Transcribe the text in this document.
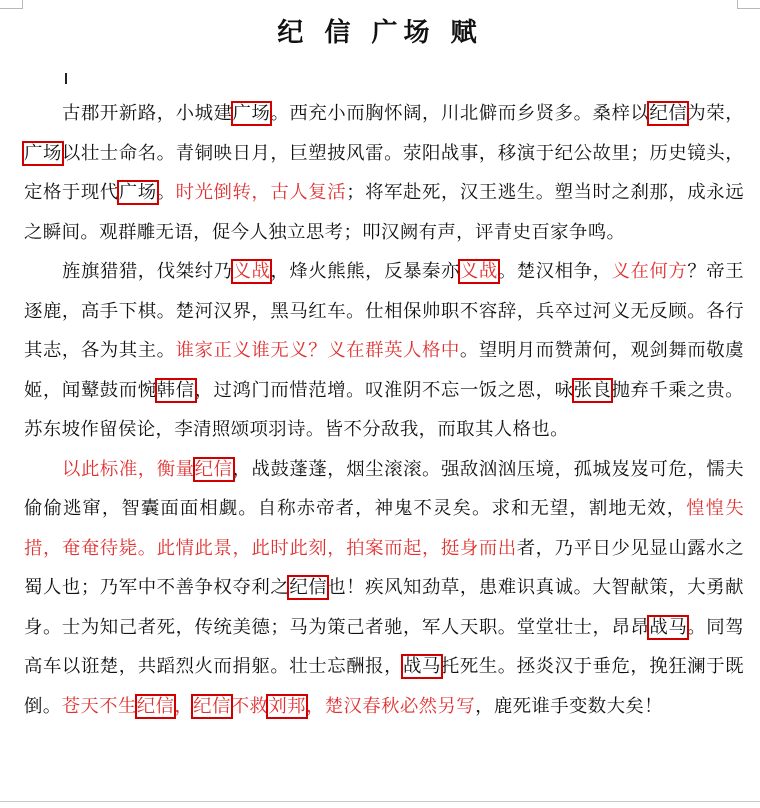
纪 信 广场 赋

古郡开新路，小城建广场。西充小而胸怀阔，川北僻而乡贤多。桑梓以纪信为荣，广场以壮士命名。青铜映日月，巨塑披风雷。荥阳战事，移演于纪公故里；历史镜头，定格于现代广场。时光倒转，古人复活；将军赴死，汉王逃生。塑当时之刹那，成永远之瞬间。观群雕无语，促今人独立思考；叩汉阙有声，评青史百家争鸣。

旌旗猎猎，伐桀纣乃义战，烽火熊熊，反暴秦亦义战。楚汉相争，义在何方？帝王逐鹿，高手下棋。楚河汉界，黑马红车。仕相保帅职不容辞，兵卒过河义无反顾。各行其志，各为其主。谁家正义谁无义？义在群英人格中。望明月而赞萧何，观剑舞而敬虞姬，闻鼙鼓而惋韩信，过鸿门而惜范增。叹淮阴不忘一饭之恩，咏张良抛弃千乘之贵。苏东坡作留侯论，李清照颂项羽诗。皆不分敌我，而取其人格也。

以此标准，衡量纪信，战鼓蓬蓬，烟尘滚滚。强敌汹汹压境，孤城岌岌可危，懦夫偷偷逃窜，智囊面面相觑。自称赤帝者，神鬼不灵矣。求和无望，割地无效，惶惶失措，奄奄待毙。此情此景，此时此刻，拍案而起，挺身而出者，乃平日少见显山露水之蜀人也；乃军中不善争权夺利之纪信也！疾风知劲草，患难识真诚。大智献策，大勇献身。士为知己者死，传统美德；马为策己者驰，军人天职。堂堂壮士，昂昂战马。同驾高车以诳楚，共蹈烈火而捐躯。壮士忘酬报，战马托死生。拯炎汉于垂危，挽狂澜于既倒。苍天不生纪信，纪信不救刘邦，楚汉春秋必然另写，鹿死谁手变数大矣！
